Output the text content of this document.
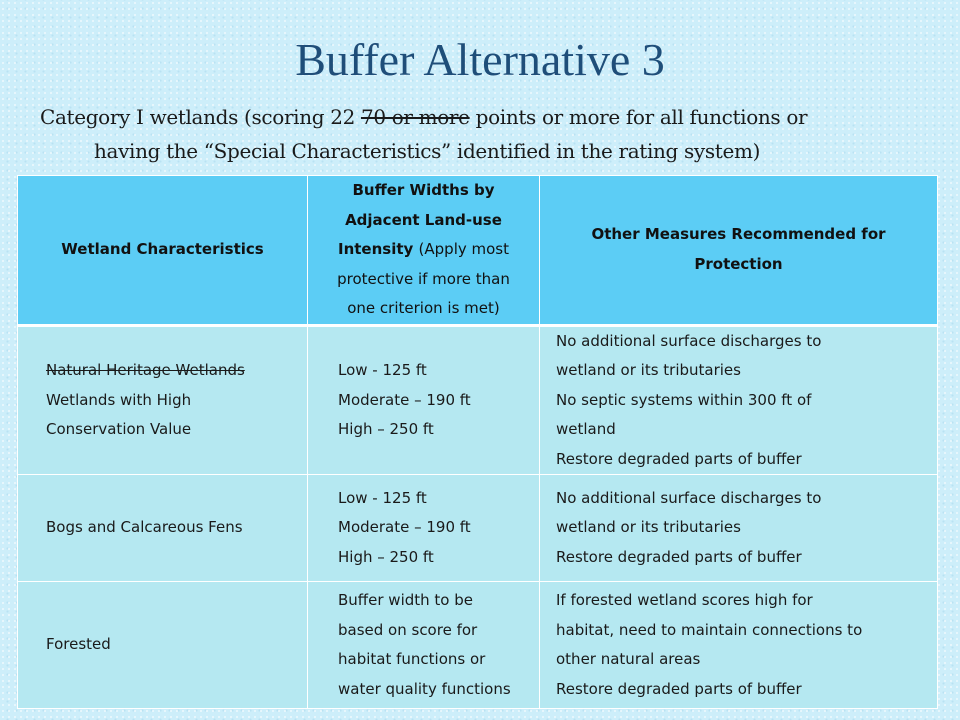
Buffer Alternative 3
Category I wetlands (scoring 22 70 or more points or more for all functions or
having the “Special Characteristics” identified in the rating system)
Wetland Characteristics	Buffer Widths by
Adjacent Land-use
Intensity (Apply most
protective if more than
one criterion is met)	Other Measures Recommended for
Protection

Natural Heritage Wetlands
Wetlands with High
Conservation Value	Low - 125 ft
Moderate – 190 ft
High – 250 ft	No additional surface discharges to
wetland or its tributaries
No septic systems within 300 ft of
wetland
Restore degraded parts of buffer

Bogs and Calcareous Fens	Low - 125 ft
Moderate – 190 ft
High – 250 ft	No additional surface discharges to
wetland or its tributaries
Restore degraded parts of buffer

Forested	Buffer width to be
based on score for
habitat functions or
water quality functions	If forested wetland scores high for
habitat, need to maintain connections to
other natural areas
Restore degraded parts of buffer
